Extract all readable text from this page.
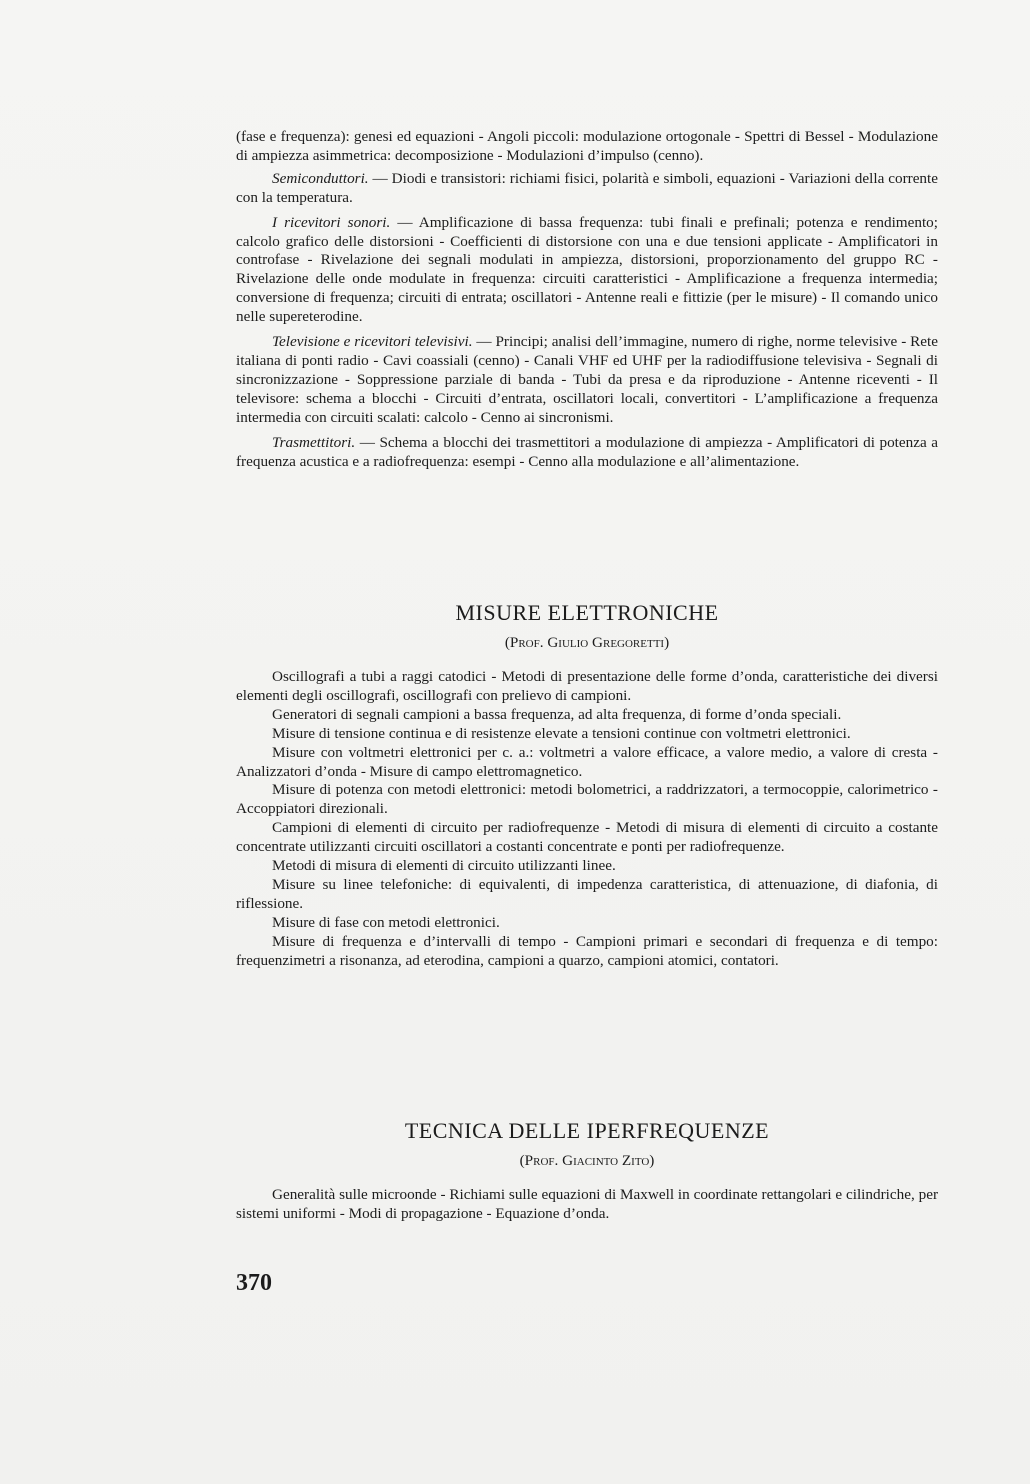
(fase e frequenza): genesi ed equazioni - Angoli piccoli: modulazione ortogonale - Spettri di Bessel - Modulazione di ampiezza asimmetrica: decomposizione - Modulazioni d’impulso (cenno).

Semiconduttori. — Diodi e transistori: richiami fisici, polarità e simboli, equazioni - Variazioni della corrente con la temperatura.

I ricevitori sonori. — Amplificazione di bassa frequenza: tubi finali e prefinali; potenza e rendimento; calcolo grafico delle distorsioni - Coefficienti di distorsione con una e due tensioni applicate - Amplificatori in controfase - Rivelazione dei segnali modulati in ampiezza, distorsioni, proporzionamento del gruppo RC - Rivelazione delle onde modulate in frequenza: circuiti caratteristici - Amplificazione a frequenza intermedia; conversione di frequenza; circuiti di entrata; oscillatori - Antenne reali e fittizie (per le misure) - Il comando unico nelle supereterodine.

Televisione e ricevitori televisivi. — Principi; analisi dell’immagine, numero di righe, norme televisive - Rete italiana di ponti radio - Cavi coassiali (cenno) - Canali VHF ed UHF per la radiodiffusione televisiva - Segnali di sincronizzazione - Soppressione parziale di banda - Tubi da presa e da riproduzione - Antenne riceventi - Il televisore: schema a blocchi - Circuiti d’entrata, oscillatori locali, convertitori - L’amplificazione a frequenza intermedia con circuiti scalati: calcolo - Cenno ai sincronismi.

Trasmettitori. — Schema a blocchi dei trasmettitori a modulazione di ampiezza - Amplificatori di potenza a frequenza acustica e a radiofrequenza: esempi - Cenno alla modulazione e all’alimentazione.

MISURE ELETTRONICHE
(Prof. Giulio Gregoretti)

Oscillografi a tubi a raggi catodici - Metodi di presentazione delle forme d’onda, caratteristiche dei diversi elementi degli oscillografi, oscillografi con prelievo di campioni.

Generatori di segnali campioni a bassa frequenza, ad alta frequenza, di forme d’onda speciali.

Misure di tensione continua e di resistenze elevate a tensioni continue con voltmetri elettronici.

Misure con voltmetri elettronici per c. a.: voltmetri a valore efficace, a valore medio, a valore di cresta - Analizzatori d’onda - Misure di campo elettromagnetico.

Misure di potenza con metodi elettronici: metodi bolometrici, a raddrizzatori, a termocoppie, calorimetrico - Accoppiatori direzionali.

Campioni di elementi di circuito per radiofrequenze - Metodi di misura di elementi di circuito a costante concentrate utilizzanti circuiti oscillatori a costanti concentrate e ponti per radiofrequenze.

Metodi di misura di elementi di circuito utilizzanti linee.

Misure su linee telefoniche: di equivalenti, di impedenza caratteristica, di attenuazione, di diafonia, di riflessione.

Misure di fase con metodi elettronici.

Misure di frequenza e d’intervalli di tempo - Campioni primari e secondari di frequenza e di tempo: frequenzimetri a risonanza, ad eterodina, campioni a quarzo, campioni atomici, contatori.

TECNICA DELLE IPERFREQUENZE
(Prof. Giacinto Zito)

Generalità sulle microonde - Richiami sulle equazioni di Maxwell in coordinate rettangolari e cilindriche, per sistemi uniformi - Modi di propagazione - Equazione d’onda.

370
